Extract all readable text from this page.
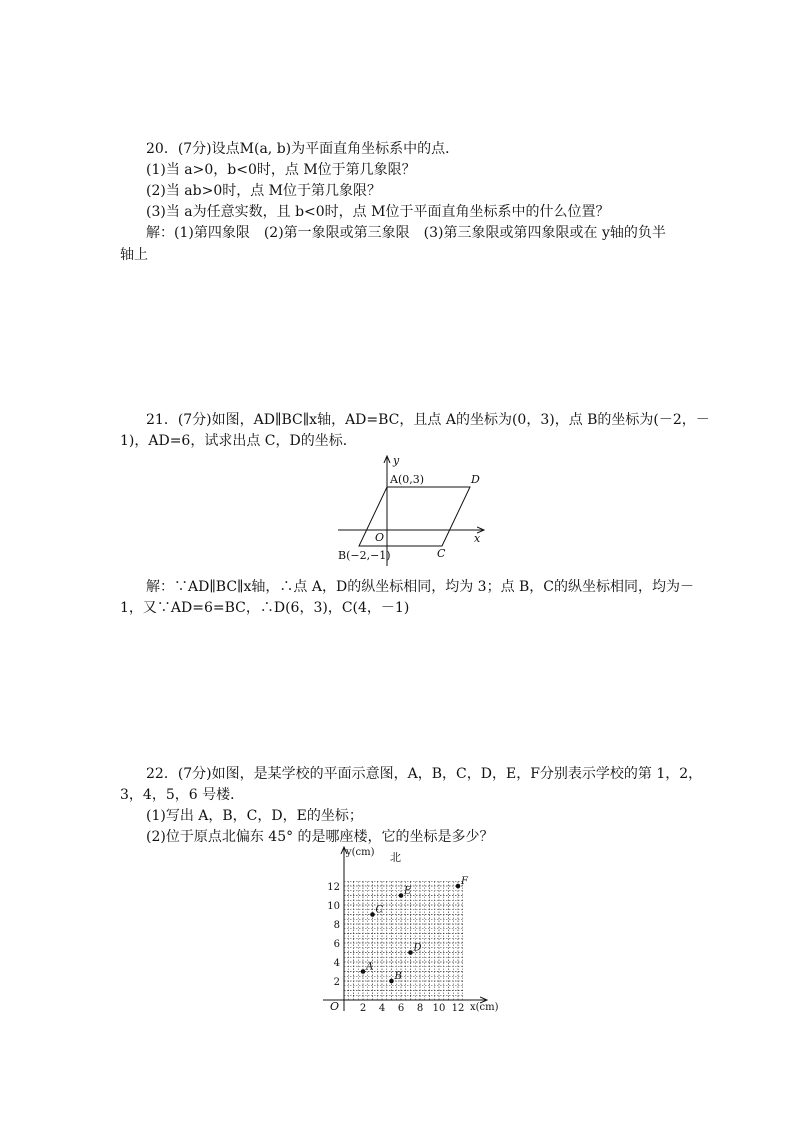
20．(7分)设点M(a, b)为平面直角坐标系中的点．
(1)当 a>0，b<0时，点 M位于第几象限？
(2)当 ab>0时，点 M位于第几象限？
(3)当 a为任意实数，且 b<0时，点 M位于平面直角坐标系中的什么位置？
解：(1)第四象限　(2)第一象限或第三象限　(3)第三象限或第四象限或在 y轴的负半
轴上
21．(7分)如图，AD∥BC∥x轴，AD=BC，且点 A的坐标为(0，3)，点 B的坐标为(－2，－
1)，AD=6，试求出点 C，D的坐标．
y
x
O
A(0,3)	D
B(−2,−1)	C
解：∵AD∥BC∥x轴，∴点 A，D的纵坐标相同，均为 3；点 B，C的纵坐标相同，均为－
1，又∵AD=6=BC，∴D(6，3)，C(4，－1)
22．(7分)如图，是某学校的平面示意图，A，B，C，D，E，F分别表示学校的第 1，2，
3，4，5，6 号楼．
(1)写出 A，B，C，D，E的坐标；
(2)位于原点北偏东 45° 的是哪座楼，它的坐标是多少？
y(cm) 北
x(cm)
O 2 4 6 8 10 12
2
4
6
8
10
12
A
B
C
D
E
F
